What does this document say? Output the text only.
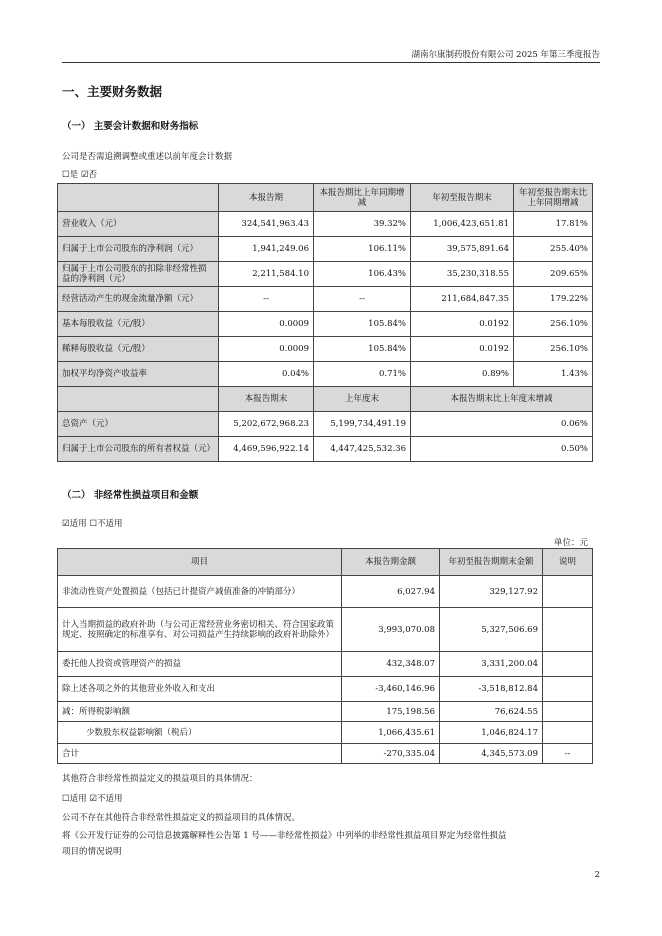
湖南尔康制药股份有限公司 2025 年第三季度报告
一、主要财务数据
（一） 主要会计数据和财务指标
公司是否需追溯调整或重述以前年度会计数据
☐是 ☑否
	本报告期	本报告期比上年同期增减	年初至报告期末	年初至报告期末比上年同期增减
营业收入（元）	324,541,963.43	39.32%	1,006,423,651.81	17.81%
归属于上市公司股东的净利润（元）	1,941,249.06	106.11%	39,575,891.64	255.40%
归属于上市公司股东的扣除非经常性损益的净利润（元）	2,211,584.10	106.43%	35,230,318.55	209.65%
经营活动产生的现金流量净额（元）	--	--	211,684,847.35	179.22%
基本每股收益（元/股）	0.0009	105.84%	0.0192	256.10%
稀释每股收益（元/股）	0.0009	105.84%	0.0192	256.10%
加权平均净资产收益率	0.04%	0.71%	0.89%	1.43%
	本报告期末	上年度末	本报告期末比上年度末增减	
总资产（元）	5,202,672,968.23	5,199,734,491.19	0.06%	
归属于上市公司股东的所有者权益（元）	4,469,596,922.14	4,447,425,532.36	0.50%	
（二） 非经常性损益项目和金额
☑适用 ☐不适用
单位：元
项目	本报告期金额	年初至报告期期末金额	说明
非流动性资产处置损益（包括已计提资产减值准备的冲销部分）	6,027.94	329,127.92	
计入当期损益的政府补助（与公司正常经营业务密切相关、符合国家政策规定、按照确定的标准享有、对公司损益产生持续影响的政府补助除外）	3,993,070.08	5,327,506.69	
委托他人投资或管理资产的损益	432,348.07	3,331,200.04	
除上述各项之外的其他营业外收入和支出	-3,460,146.96	-3,518,812.84	
减：所得税影响额	175,198.56	76,624.55	
少数股东权益影响额（税后）	1,066,435.61	1,046,824.17	
合计	-270,335.04	4,345,573.09	--
其他符合非经常性损益定义的损益项目的具体情况：
☐适用 ☑不适用
公司不存在其他符合非经常性损益定义的损益项目的具体情况。
将《公开发行证券的公司信息披露解释性公告第 1 号——非经常性损益》中列举的非经常性损益项目界定为经常性损益
项目的情况说明
2
